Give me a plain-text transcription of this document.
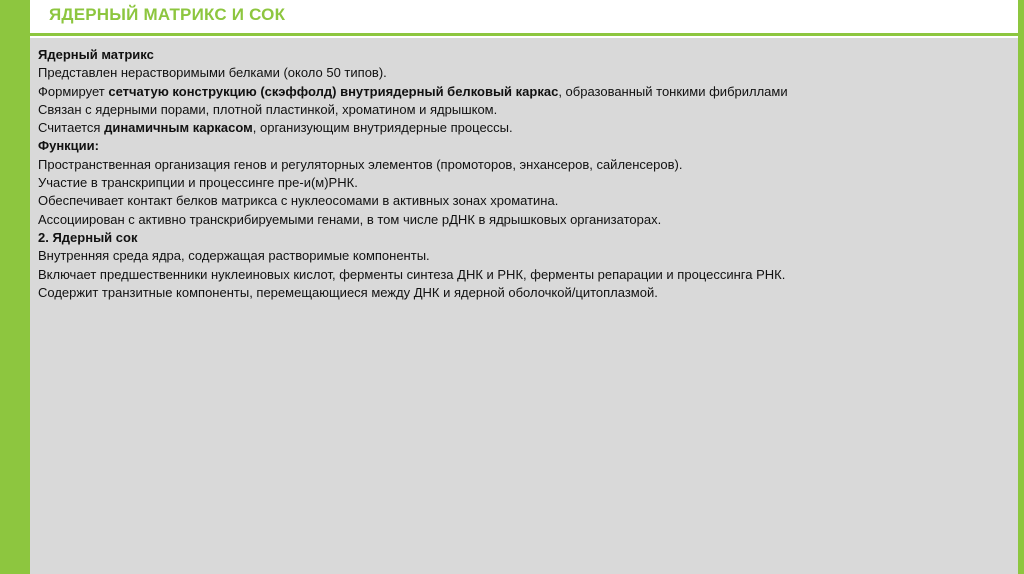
ЯДЕРНЫЙ МАТРИКС И СОК
Ядерный матрикс
Представлен нерастворимыми белками (около 50 типов).
Формирует сетчатую конструкцию (скэффолд) внутриядерный белковый каркас, образованный тонкими фибриллами
Связан с ядерными порами, плотной пластинкой, хроматином и ядрышком.
Считается динамичным каркасом, организующим внутриядерные процессы.
Функции:
Пространственная организация генов и регуляторных элементов (промоторов, энхансеров, сайленсеров).
Участие в транскрипции и процессинге пре-и(м)РНК.
Обеспечивает контакт белков матрикса с нуклеосомами в активных зонах хроматина.
Ассоциирован с активно транскрибируемыми генами, в том числе рДНК в ядрышковых организаторах.
2. Ядерный сок
Внутренняя среда ядра, содержащая растворимые компоненты.
Включает предшественники нуклеиновых кислот, ферменты синтеза ДНК и РНК, ферменты репарации и процессинга РНК.
Содержит транзитные компоненты, перемещающиеся между ДНК и ядерной оболочкой/цитоплазмой.
